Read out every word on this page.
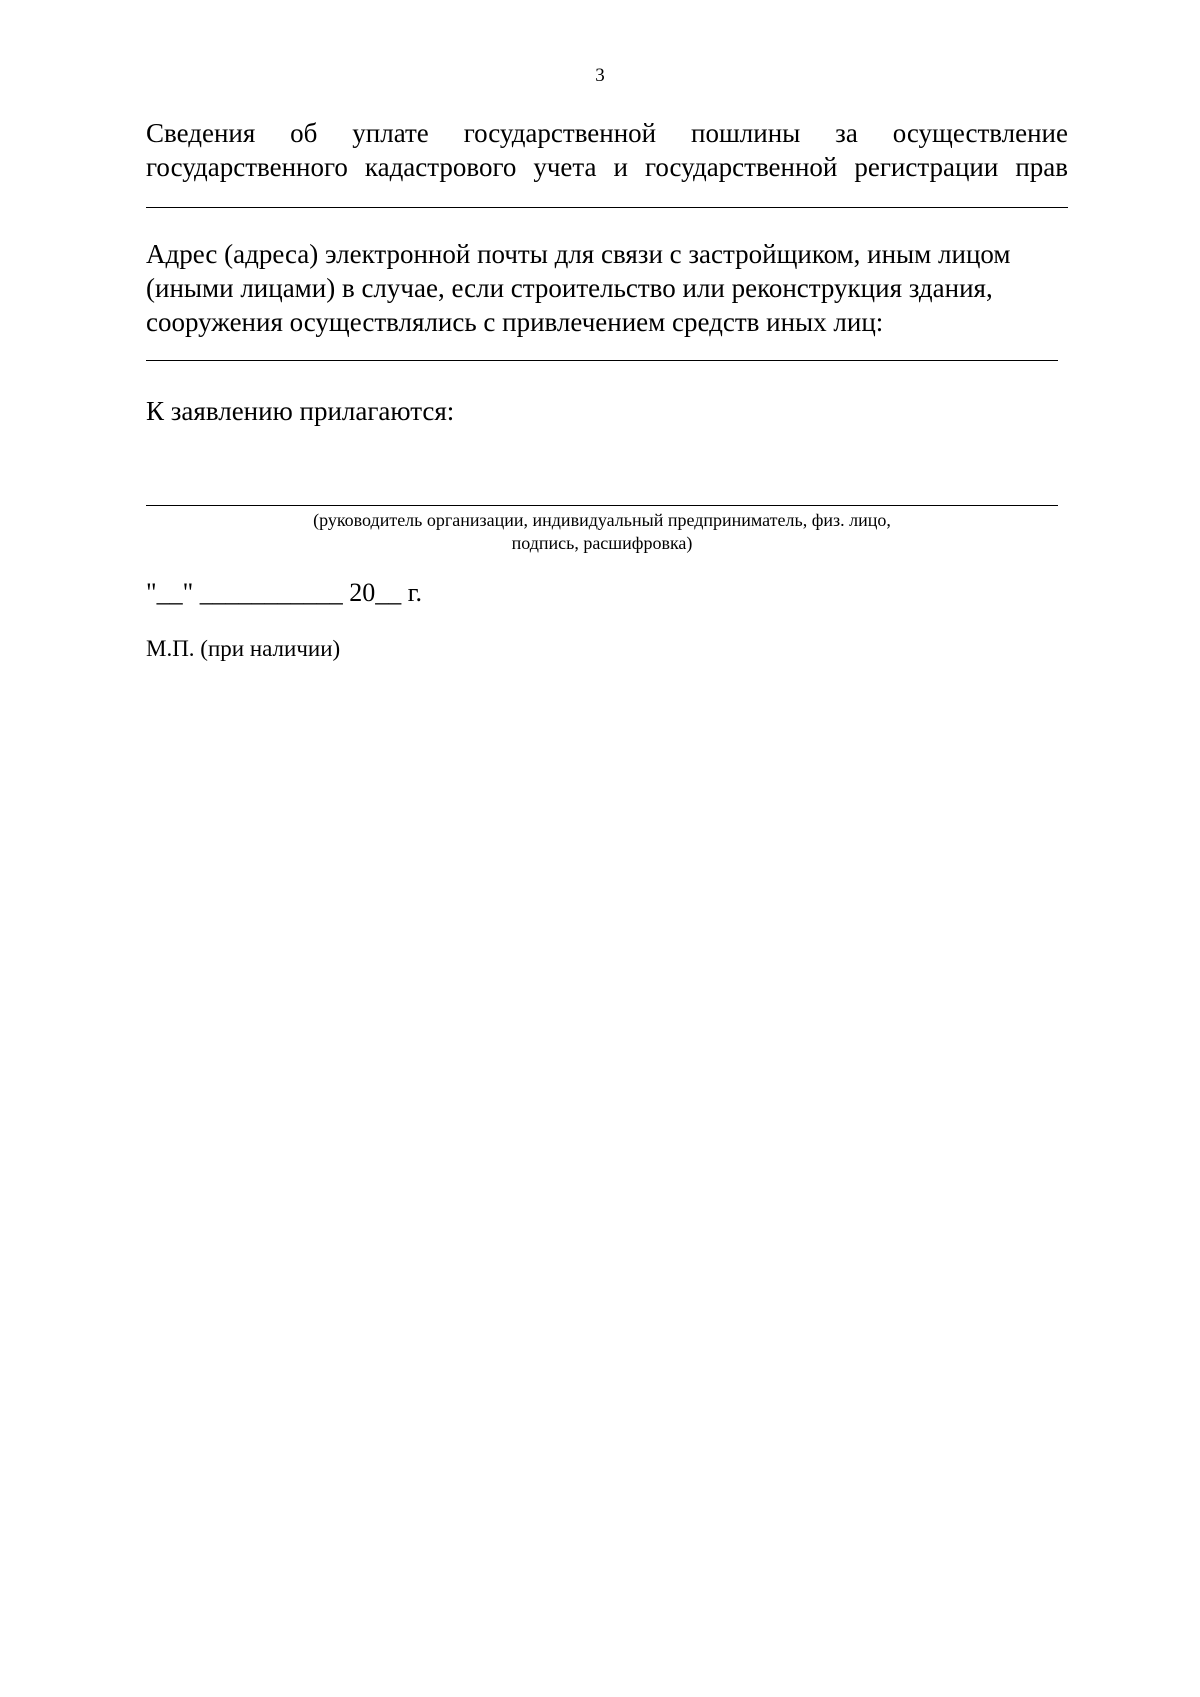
3
Сведения об уплате государственной пошлины за осуществление
государственного кадастрового учета и государственной регистрации прав
Адрес (адреса) электронной почты для связи с застройщиком, иным лицом
(иными лицами) в случае, если строительство или реконструкция здания,
сооружения осуществлялись с привлечением средств иных лиц:
К заявлению прилагаются:
(руководитель организации, индивидуальный предприниматель, физ. лицо,
подпись, расшифровка)
"__" ___________ 20__ г.
М.П. (при наличии)
